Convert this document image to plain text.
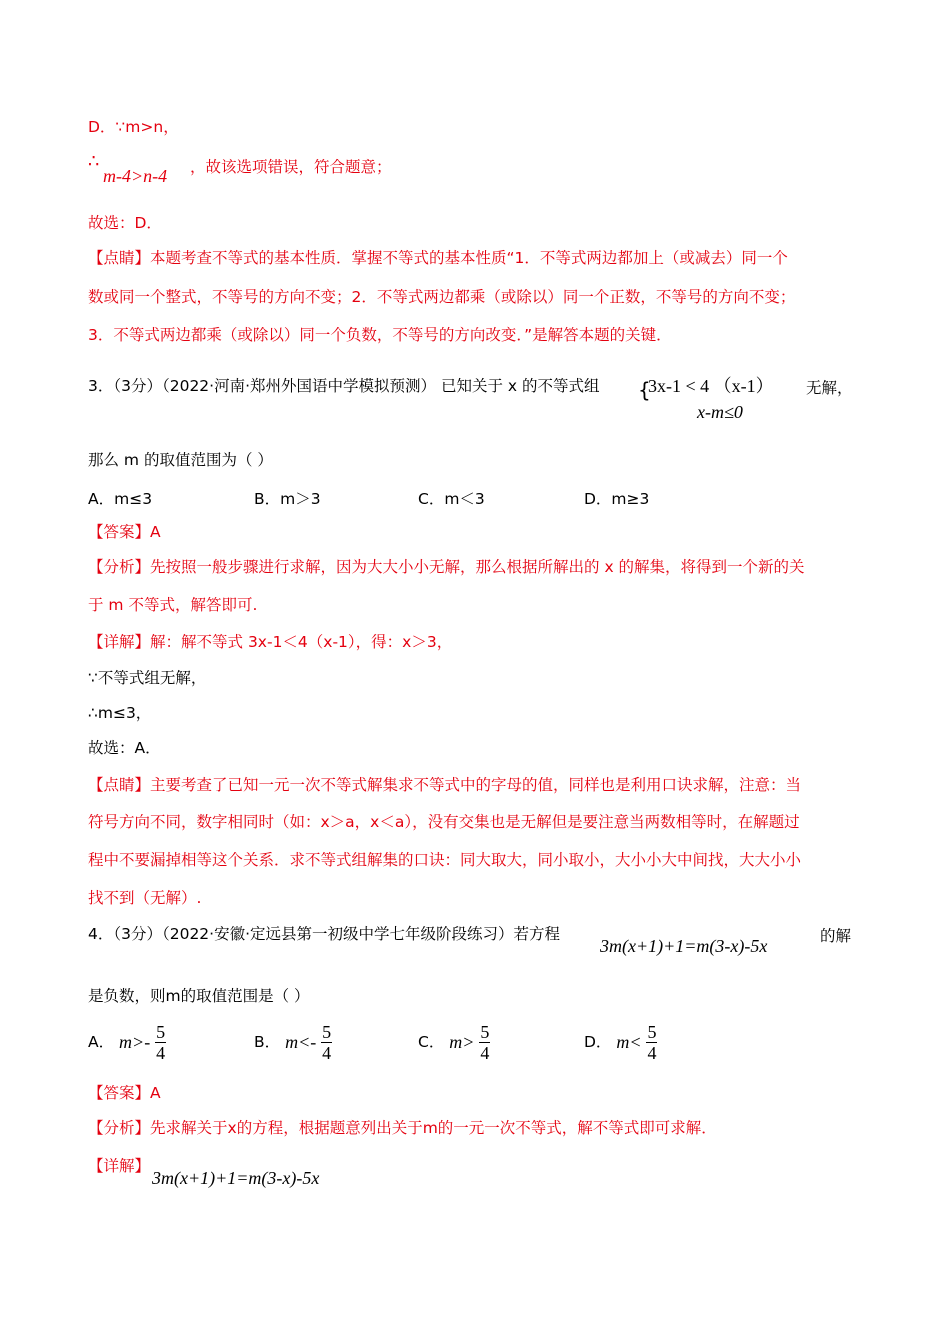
D．∵m>n，
∴
m-4>n-4 ，故该选项错误，符合题意；
故选：D．
【点睛】本题考查不等式的基本性质．掌握不等式的基本性质“1．不等式两边都加上（或减去）同一个
数或同一个整式，不等号的方向不变；2．不等式两边都乘（或除以）同一个正数，不等号的方向不变；
3．不等式两边都乘（或除以）同一个负数，不等号的方向改变．”是解答本题的关键．
3．（3分）（2022·河南·郑州外国语中学模拟预测） 已知关于 x 的不等式组 {
3x-1 < 4 （x-1）
x-m≤0
无解，
那么 m 的取值范围为（ ）
A．m≤3	B．m＞3	C．m＜3	D．m≥3
【答案】A
【分析】先按照一般步骤进行求解，因为大大小小无解，那么根据所解出的 x 的解集，将得到一个新的关
于 m 不等式，解答即可.
【详解】解：解不等式 3x-1＜4（x-1），得：x＞3，
∵不等式组无解，
∴m≤3，
故选：A．
【点睛】主要考查了已知一元一次不等式解集求不等式中的字母的值，同样也是利用口诀求解，注意：当
符号方向不同，数字相同时（如：x＞a，x＜a），没有交集也是无解但是要注意当两数相等时，在解题过
程中不要漏掉相等这个关系．求不等式组解集的口诀：同大取大，同小取小，大小小大中间找，大大小小
找不到（无解）.
4．（3分）（2022·安徽·定远县第一初级中学七年级阶段练习）若方程
3m(x+1)+1=m(3-x)-5x	的解
是负数，则m的取值范围是（ ）
A． $m>- \frac{5}{4}$	B． $m<- \frac{5}{4}$	C． $m> \frac{5}{4}$	D． $m< \frac{5}{4}$
【答案】A
【分析】先求解关于x的方程，根据题意列出关于m的一元一次不等式，解不等式即可求解．
【详解】
3m(x+1)+1=m(3-x)-5x
